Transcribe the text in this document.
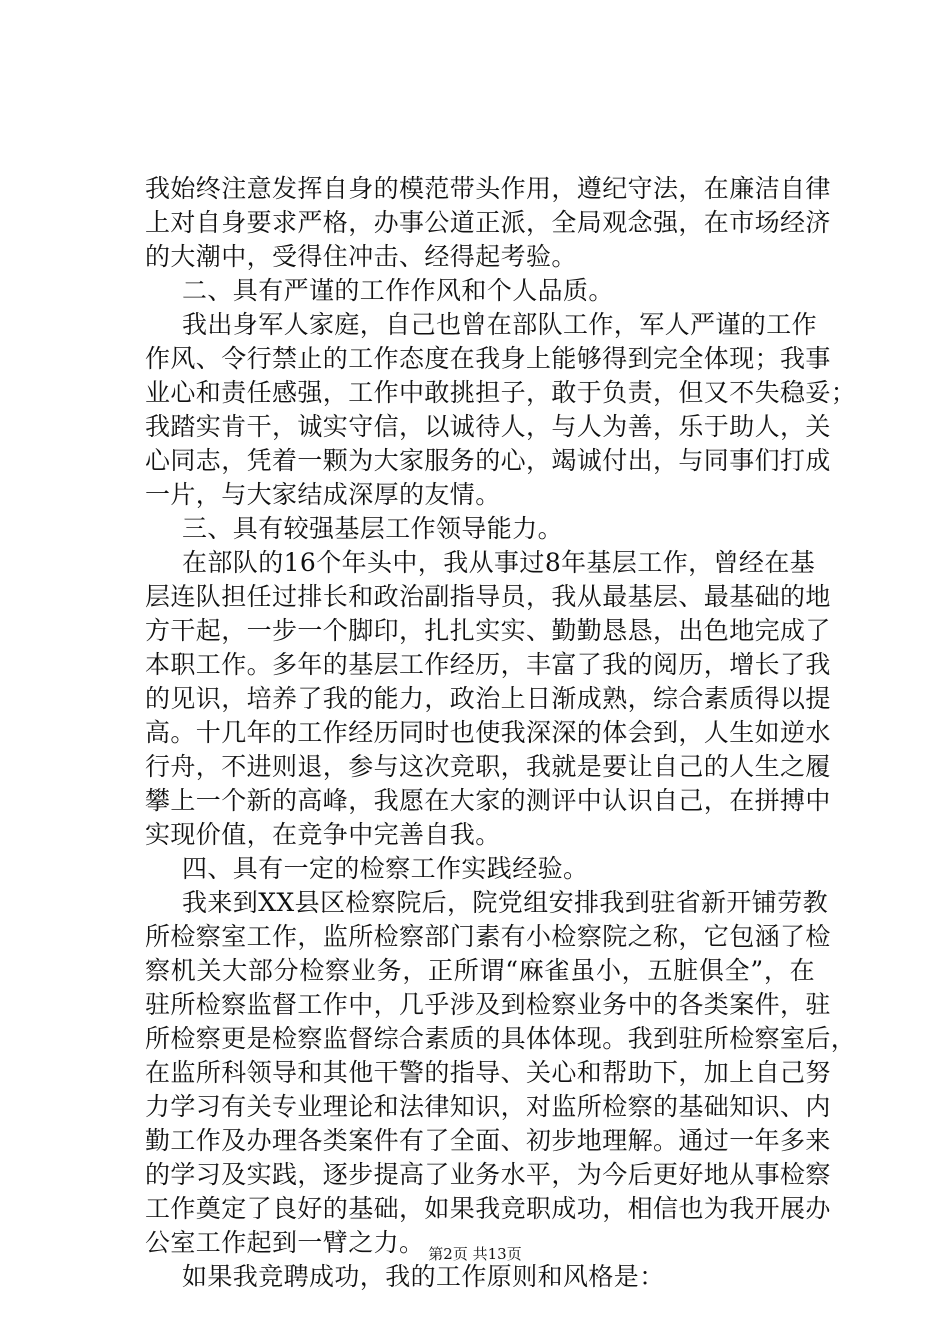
我始终注意发挥自身的模范带头作用，遵纪守法，在廉洁自律
上对自身要求严格，办事公道正派，全局观念强，在市场经济
的大潮中，受得住冲击、经得起考验。
二、具有严谨的工作作风和个人品质。
我出身军人家庭，自己也曾在部队工作，军人严谨的工作
作风、令行禁止的工作态度在我身上能够得到完全体现；我事
业心和责任感强，工作中敢挑担子，敢于负责，但又不失稳妥；
我踏实肯干，诚实守信，以诚待人，与人为善，乐于助人，关
心同志，凭着一颗为大家服务的心，竭诚付出，与同事们打成
一片，与大家结成深厚的友情。
三、具有较强基层工作领导能力。
在部队的16个年头中，我从事过8年基层工作，曾经在基
层连队担任过排长和政治副指导员，我从最基层、最基础的地
方干起，一步一个脚印，扎扎实实、勤勤恳恳，出色地完成了
本职工作。多年的基层工作经历，丰富了我的阅历，增长了我
的见识，培养了我的能力，政治上日渐成熟，综合素质得以提
高。十几年的工作经历同时也使我深深的体会到，人生如逆水
行舟，不进则退，参与这次竞职，我就是要让自己的人生之履
攀上一个新的高峰，我愿在大家的测评中认识自己，在拼搏中
实现价值，在竞争中完善自我。
四、具有一定的检察工作实践经验。
我来到XX县区检察院后，院党组安排我到驻省新开铺劳教
所检察室工作，监所检察部门素有小检察院之称，它包涵了检
察机关大部分检察业务，正所谓“麻雀虽小，五脏俱全”，在
驻所检察监督工作中，几乎涉及到检察业务中的各类案件，驻
所检察更是检察监督综合素质的具体体现。我到驻所检察室后，
在监所科领导和其他干警的指导、关心和帮助下，加上自己努
力学习有关专业理论和法律知识，对监所检察的基础知识、内
勤工作及办理各类案件有了全面、初步地理解。通过一年多来
的学习及实践，逐步提高了业务水平，为今后更好地从事检察
工作奠定了良好的基础，如果我竞职成功，相信也为我开展办
公室工作起到一臂之力。
如果我竞聘成功，我的工作原则和风格是：
第2页 共13页
